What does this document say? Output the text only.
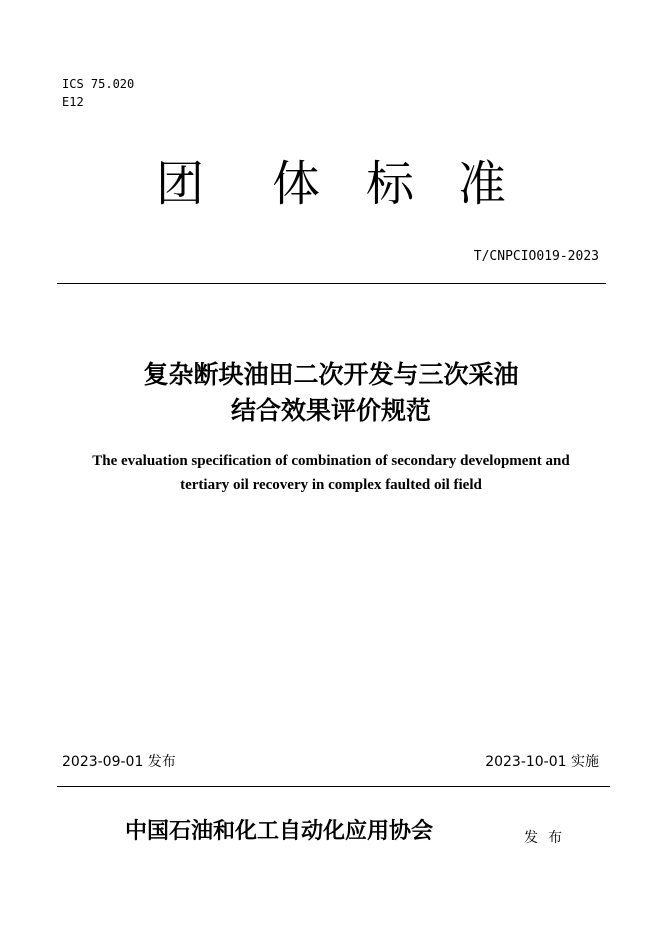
ICS 75.020
E12
团 体 标 准
T/CNPCIO019-2023
复杂断块油田二次开发与三次采油
结合效果评价规范
The evaluation specification of combination of secondary development and
tertiary oil recovery in complex faulted oil field
2023-09-01 发布	2023-10-01 实施
中国石油和化工自动化应用协会	发布
